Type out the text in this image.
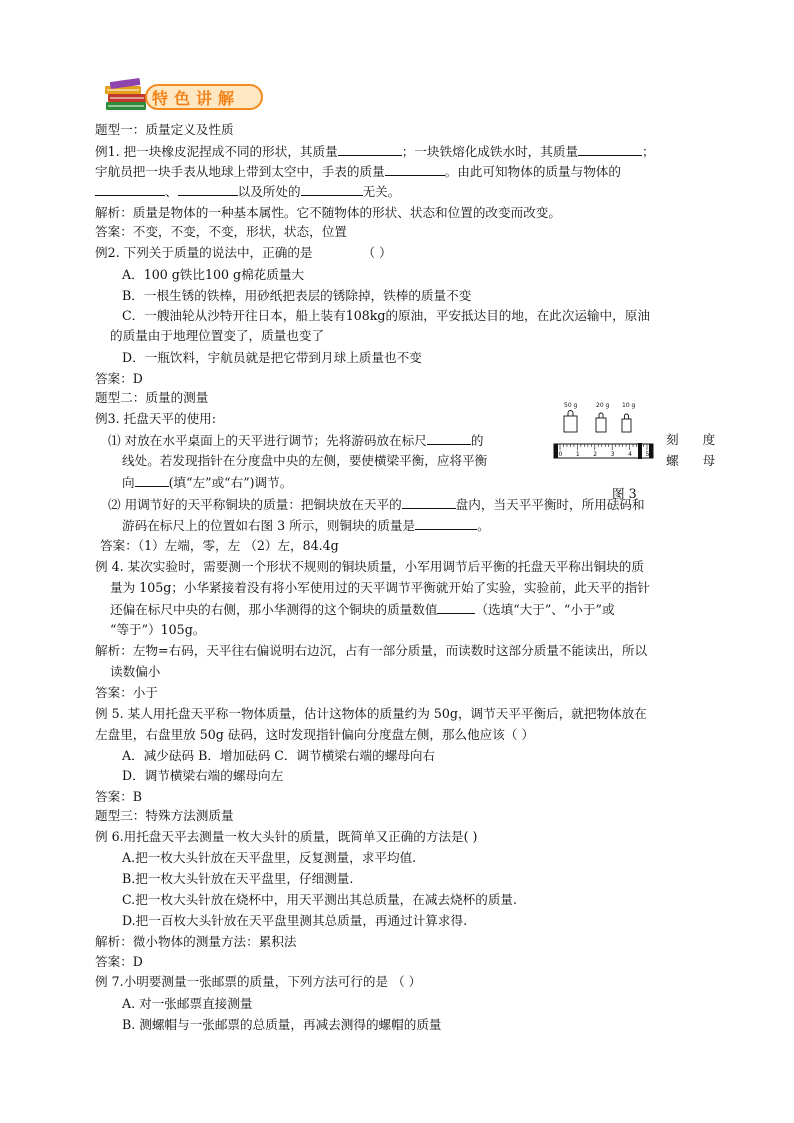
特色讲解
题型一：质量定义及性质
例1. 把一块橡皮泥捏成不同的形状，其质量	；一块铁熔化成铁水时，其质量	；
宇航员把一块手表从地球上带到太空中，手表的质量	。由此可知物体的质量与物体的
、	以及所处的	无关。
解析：质量是物体的一种基本属性。它不随物体的形状、状态和位置的改变而改变。
答案：不变，不变，不变，形状，状态，位置
例2. 下列关于质量的说法中，正确的是	（ ）
A．100 g铁比100 g棉花质量大
B．一根生锈的铁棒，用砂纸把表层的锈除掉，铁棒的质量不变
C．一艘油轮从沙特开往日本，船上装有108kg的原油，平安抵达目的地，在此次运输中，原油
的质量由于地理位置变了，质量也变了
D．一瓶饮料，宇航员就是把它带到月球上质量也不变
答案：D
题型二：质量的测量
例3. 托盘天平的使用:
⑴ 对放在水平桌面上的天平进行调节；先将游码放在标尺	的	刻 度
线处。若发现指针在分度盘中央的左侧，要使横梁平衡，应将平衡	螺 母
向	(填“左”或“右”)调节。
图 3
50 g	20 g 10 g
0 1 2 3 4 5
⑵ 用调节好的天平称铜块的质量：把铜块放在天平的	盘内，当天平平衡时，所用砝码和
游码在标尺上的位置如右图 3 所示，则铜块的质量是	。
答案：（1）左端，零，左 （2）左，84.4g
例 4. 某次实验时，需要测一个形状不规则的铜块质量，小军用调节后平衡的托盘天平称出铜块的质
量为 105g；小华紧接着没有将小军使用过的天平调节平衡就开始了实验，实验前，此天平的指针
还偏在标尺中央的右侧，那小华测得的这个铜块的质量数值	（选填“大于”、“小于”或
“等于”）105g。
解析：左物=右码，天平往右偏说明右边沉，占有一部分质量，而读数时这部分质量不能读出，所以
读数偏小
答案：小于
例 5. 某人用托盘天平称一物体质量，估计这物体的质量约为 50g，调节天平平衡后，就把物体放在
左盘里，右盘里放 50g 砝码，这时发现指针偏向分度盘左侧，那么他应该（ ）
A．减少砝码 B．增加砝码 C．调节横梁右端的螺母向右
D．调节横梁右端的螺母向左
答案：B
题型三：特殊方法测质量
例 6.用托盘天平去测量一枚大头针的质量，既简单又正确的方法是( )
A.把一枚大头针放在天平盘里，反复测量，求平均值.
B.把一枚大头针放在天平盘里，仔细测量.
C.把一枚大头针放在烧杯中，用天平测出其总质量，在减去烧杯的质量.
D.把一百枚大头针放在天平盘里测其总质量，再通过计算求得.
解析：微小物体的测量方法：累积法
答案：D
例 7.小明要测量一张邮票的质量，下列方法可行的是 （ ）
A. 对一张邮票直接测量
B. 测螺帽与一张邮票的总质量，再减去测得的螺帽的质量
